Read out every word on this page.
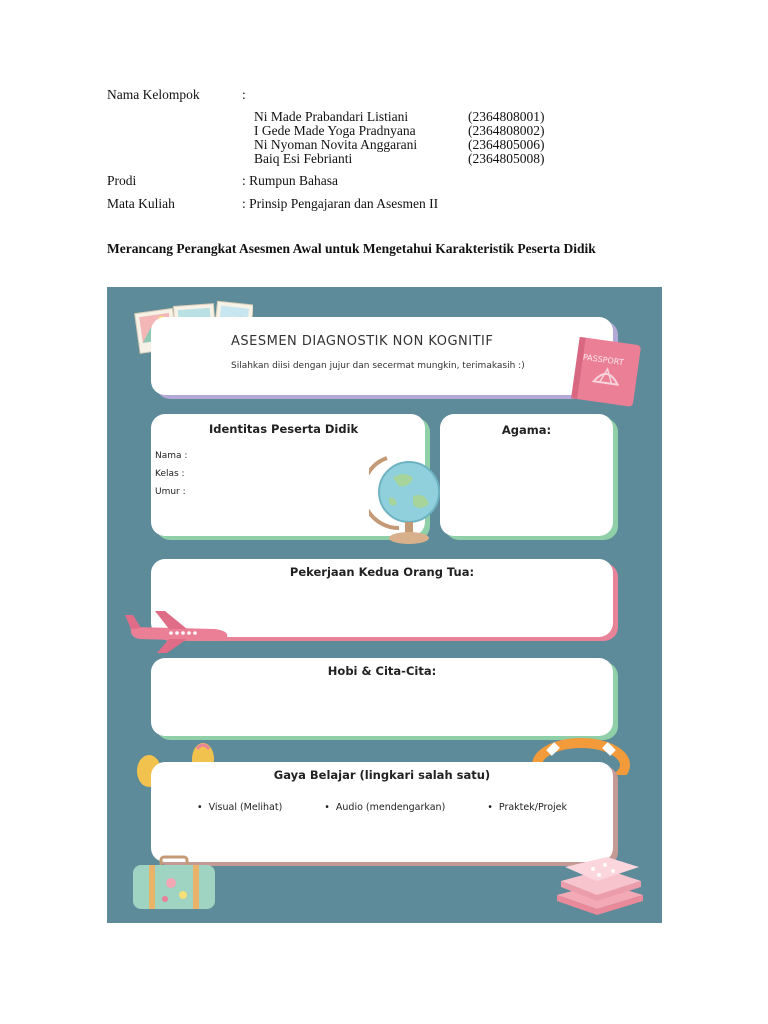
Nama Kelompok	:
Ni Made Prabandari Listiani	(2364808001)
I Gede Made Yoga Pradnyana	(2364808002)
Ni Nyoman Novita Anggarani	(2364805006)
Baiq Esi Febrianti	(2364805008)
Prodi	: Rumpun Bahasa
Mata Kuliah	: Prinsip Pengajaran dan Asesmen II
Merancang Perangkat Asesmen Awal untuk Mengetahui Karakteristik Peserta Didik
ASESMEN DIAGNOSTIK NON KOGNITIF
Silahkan diisi dengan jujur dan secermat mungkin, terimakasih :)	PASSPORT
Identitas Peserta Didik
Nama :
Kelas :
Umur :
Agama:
Pekerjaan Kedua Orang Tua:
Hobi & Cita-Cita:
Gaya Belajar (lingkari salah satu)
• Visual (Melihat)	• Audio (mendengarkan)	• Praktek/Projek
